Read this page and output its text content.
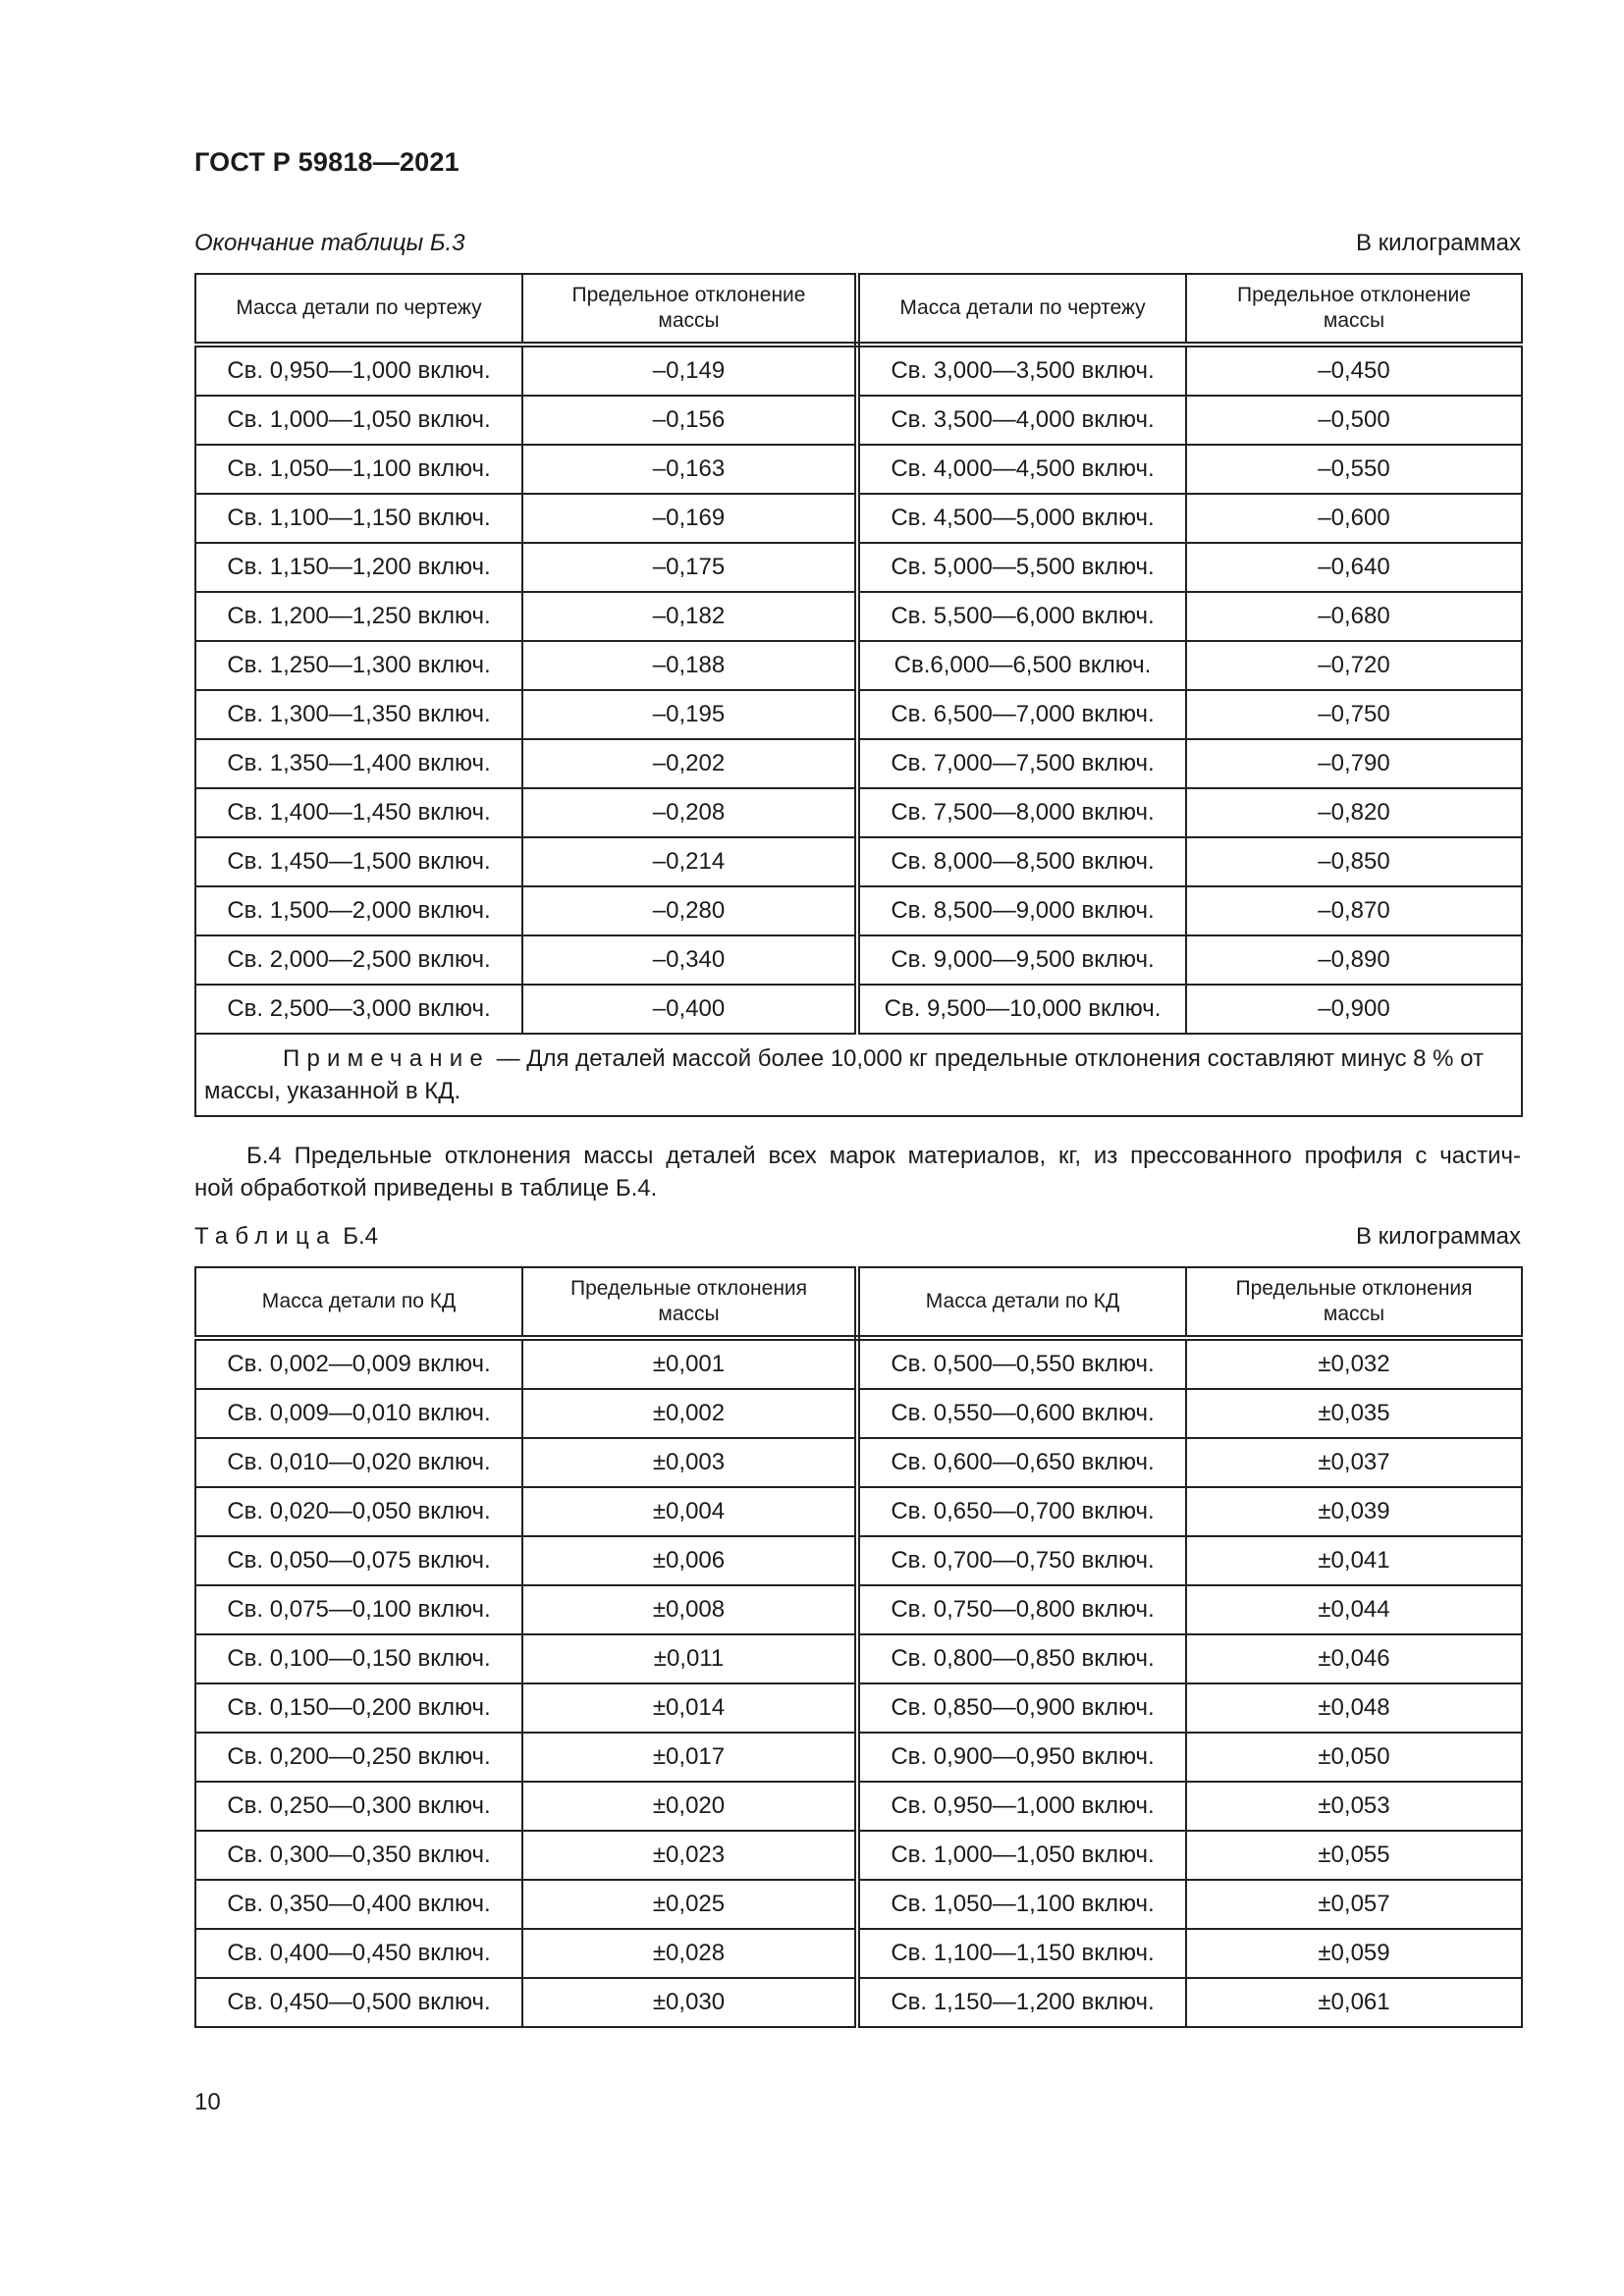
ГОСТ Р 59818—2021
Окончание таблицы Б.3	В килограммах
Масса детали по чертежу	Предельное отклонение массы	Масса детали по чертежу	Предельное отклонение массы
Св. 0,950—1,000 включ.	–0,149	Св. 3,000—3,500 включ.	–0,450
Св. 1,000—1,050 включ.	–0,156	Св. 3,500—4,000 включ.	–0,500
Св. 1,050—1,100 включ.	–0,163	Св. 4,000—4,500 включ.	–0,550
Св. 1,100—1,150 включ.	–0,169	Св. 4,500—5,000 включ.	–0,600
Св. 1,150—1,200 включ.	–0,175	Св. 5,000—5,500 включ.	–0,640
Св. 1,200—1,250 включ.	–0,182	Св. 5,500—6,000 включ.	–0,680
Св. 1,250—1,300 включ.	–0,188	Св.6,000—6,500 включ.	–0,720
Св. 1,300—1,350 включ.	–0,195	Св. 6,500—7,000 включ.	–0,750
Св. 1,350—1,400 включ.	–0,202	Св. 7,000—7,500 включ.	–0,790
Св. 1,400—1,450 включ.	–0,208	Св. 7,500—8,000 включ.	–0,820
Св. 1,450—1,500 включ.	–0,214	Св. 8,000—8,500 включ.	–0,850
Св. 1,500—2,000 включ.	–0,280	Св. 8,500—9,000 включ.	–0,870
Св. 2,000—2,500 включ.	–0,340	Св. 9,000—9,500 включ.	–0,890
Св. 2,500—3,000 включ.	–0,400	Св. 9,500—10,000 включ.	–0,900
Примечание — Для деталей массой более 10,000 кг предельные отклонения составляют минус 8 % от массы, указанной в КД.			
Б.4 Предельные отклонения массы деталей всех марок материалов, кг, из прессованного профиля с частич-
ной обработкой приведены в таблице Б.4.
Таблица Б.4	В килограммах
Масса детали по КД	Предельные отклонения массы	Масса детали по КД	Предельные отклонения массы
Св. 0,002—0,009 включ.	±0,001	Св. 0,500—0,550 включ.	±0,032
Св. 0,009—0,010 включ.	±0,002	Св. 0,550—0,600 включ.	±0,035
Св. 0,010—0,020 включ.	±0,003	Св. 0,600—0,650 включ.	±0,037
Св. 0,020—0,050 включ.	±0,004	Св. 0,650—0,700 включ.	±0,039
Св. 0,050—0,075 включ.	±0,006	Св. 0,700—0,750 включ.	±0,041
Св. 0,075—0,100 включ.	±0,008	Св. 0,750—0,800 включ.	±0,044
Св. 0,100—0,150 включ.	±0,011	Св. 0,800—0,850 включ.	±0,046
Св. 0,150—0,200 включ.	±0,014	Св. 0,850—0,900 включ.	±0,048
Св. 0,200—0,250 включ.	±0,017	Св. 0,900—0,950 включ.	±0,050
Св. 0,250—0,300 включ.	±0,020	Св. 0,950—1,000 включ.	±0,053
Св. 0,300—0,350 включ.	±0,023	Св. 1,000—1,050 включ.	±0,055
Св. 0,350—0,400 включ.	±0,025	Св. 1,050—1,100 включ.	±0,057
Св. 0,400—0,450 включ.	±0,028	Св. 1,100—1,150 включ.	±0,059
Св. 0,450—0,500 включ.	±0,030	Св. 1,150—1,200 включ.	±0,061
10
